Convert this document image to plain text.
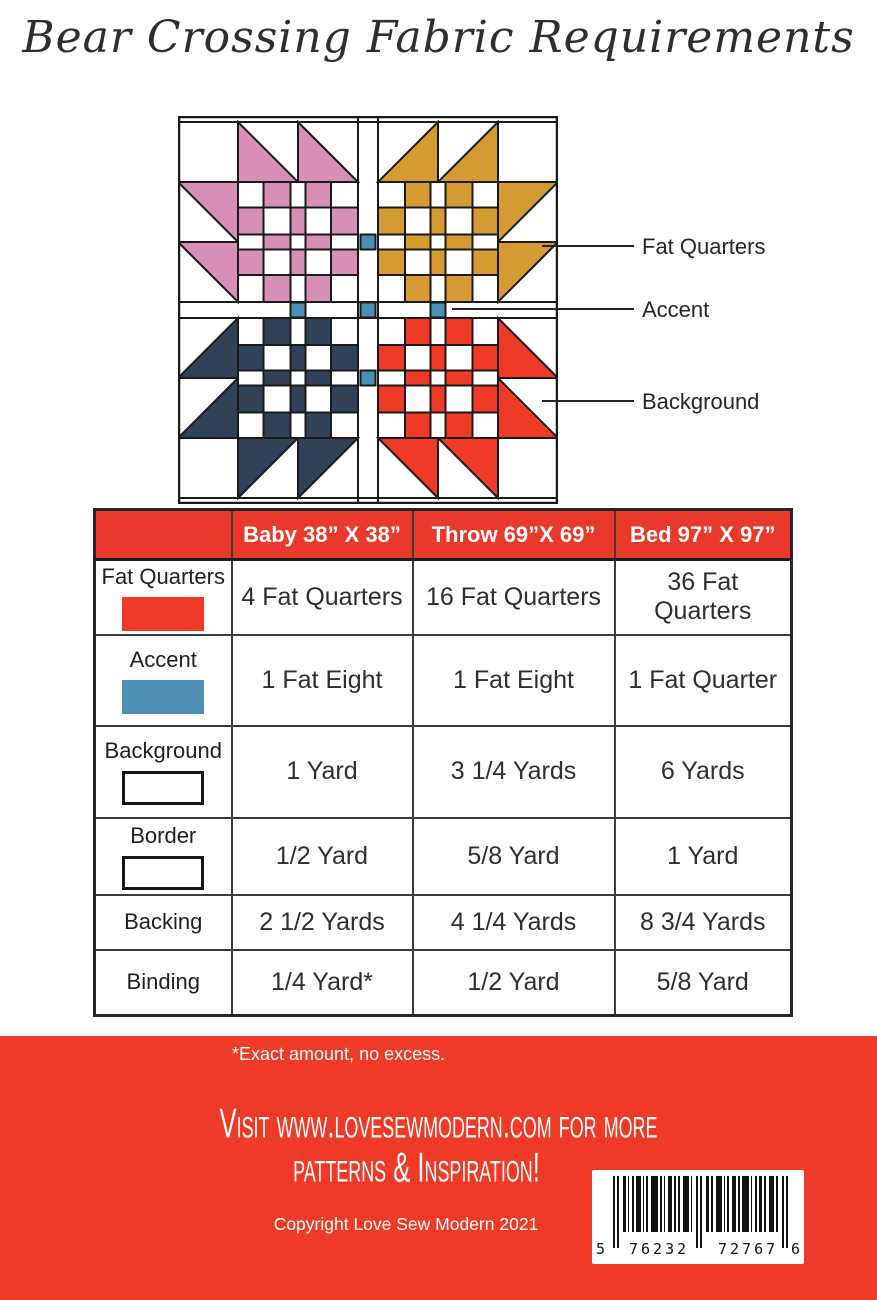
Bear Crossing Fabric Requirements
Fat Quarters
Accent
Background
	Baby 38” X 38”	Throw 69”X 69”	Bed 97” X 97”

Fat Quarters	4 Fat Quarters	16 Fat Quarters	36 Fat Quarters

Accent	1 Fat Eight	1 Fat Eight	1 Fat Quarter

Background	1 Yard	3 1/4 Yards	6 Yards

Border	1/2 Yard	5/8 Yard	1 Yard

Backing	2 1/2 Yards	4 1/4 Yards	8 3/4 Yards

Binding	1/4 Yard*	1/2 Yard	5/8 Yard
*Exact amount, no excess.
Visit www.lovesewmodern.com for more
patterns & Inspiration!
Copyright Love Sew Modern 2021
5 76232 72767 6
